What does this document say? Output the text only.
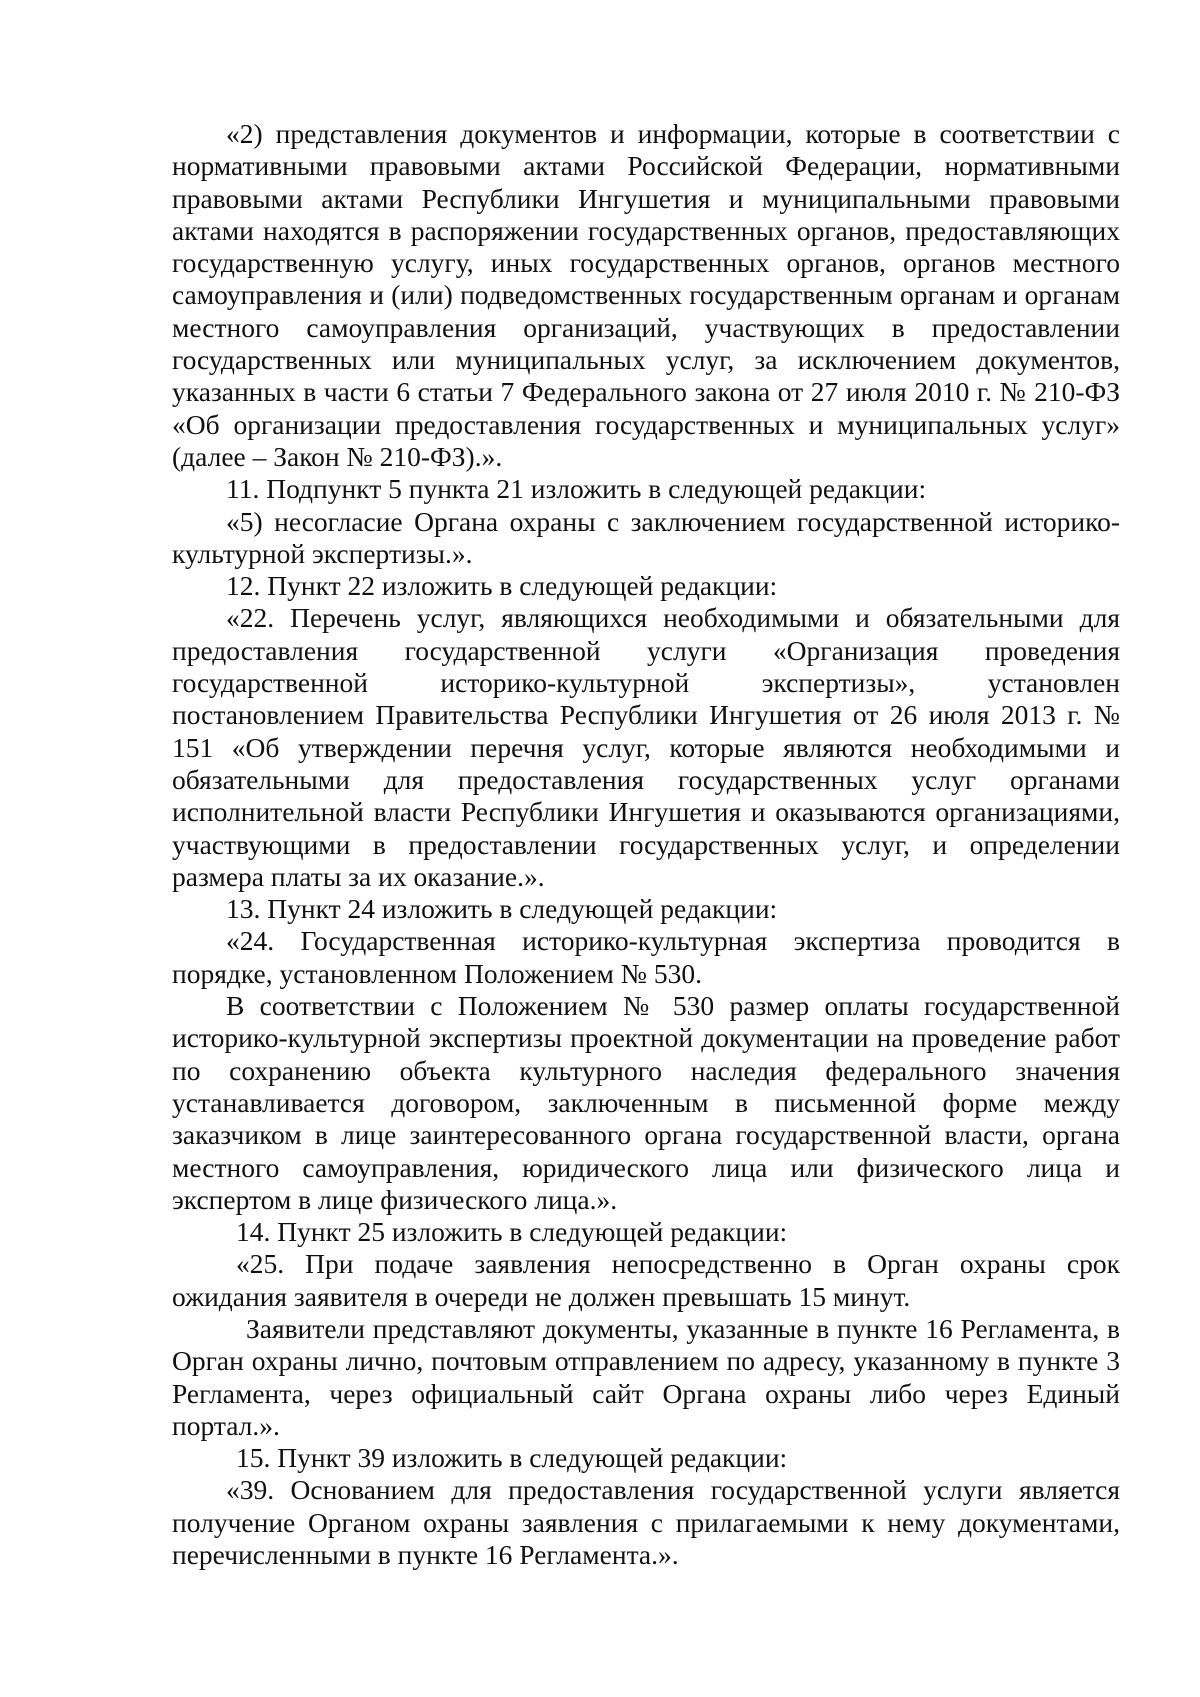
«2) представления документов и информации, которые в соответствии с нормативными правовыми актами Российской Федерации, нормативными правовыми актами Республики Ингушетия и муниципальными правовыми актами находятся в распоряжении государственных органов, предоставляющих государственную услугу, иных государственных органов, органов местного самоуправления и (или) подведомственных государственным органам и органам местного самоуправления организаций, участвующих в предоставлении государственных или муниципальных услуг, за исключением документов, указанных в части 6 статьи 7 Федерального закона от 27 июля 2010 г. № 210-ФЗ «Об организации предоставления государственных и муниципальных услуг» (далее – Закон № 210-ФЗ).».

11. Подпункт 5 пункта 21 изложить в следующей редакции:

«5) несогласие Органа охраны с заключением государственной историко-культурной экспертизы.».

12. Пункт 22 изложить в следующей редакции:

«22. Перечень услуг, являющихся необходимыми и обязательными для предоставления государственной услуги «Организация проведения государственной историко-культурной экспертизы», установлен постановлением Правительства Республики Ингушетия от 26 июля 2013 г. № 151 «Об утверждении перечня услуг, которые являются необходимыми и обязательными для предоставления государственных услуг органами исполнительной власти Республики Ингушетия и оказываются организациями, участвующими в предоставлении государственных услуг, и определении размера платы за их оказание.».

13. Пункт 24 изложить в следующей редакции:

«24. Государственная историко-культурная экспертиза проводится в порядке, установленном Положением № 530.

В соответствии с Положением № 530 размер оплаты государственной историко-культурной экспертизы проектной документации на проведение работ по сохранению объекта культурного наследия федерального значения устанавливается договором, заключенным в письменной форме между заказчиком в лице заинтересованного органа государственной власти, органа местного самоуправления, юридического лица или физического лица и экспертом в лице физического лица.».

14. Пункт 25 изложить в следующей редакции:

«25. При подаче заявления непосредственно в Орган охраны срок ожидания заявителя в очереди не должен превышать 15 минут.

Заявители представляют документы, указанные в пункте 16 Регламента, в Орган охраны лично, почтовым отправлением по адресу, указанному в пункте 3 Регламента, через официальный сайт Органа охраны либо через Единый портал.».

15. Пункт 39 изложить в следующей редакции:

«39. Основанием для предоставления государственной услуги является получение Органом охраны заявления с прилагаемыми к нему документами, перечисленными в пункте 16 Регламента.».
